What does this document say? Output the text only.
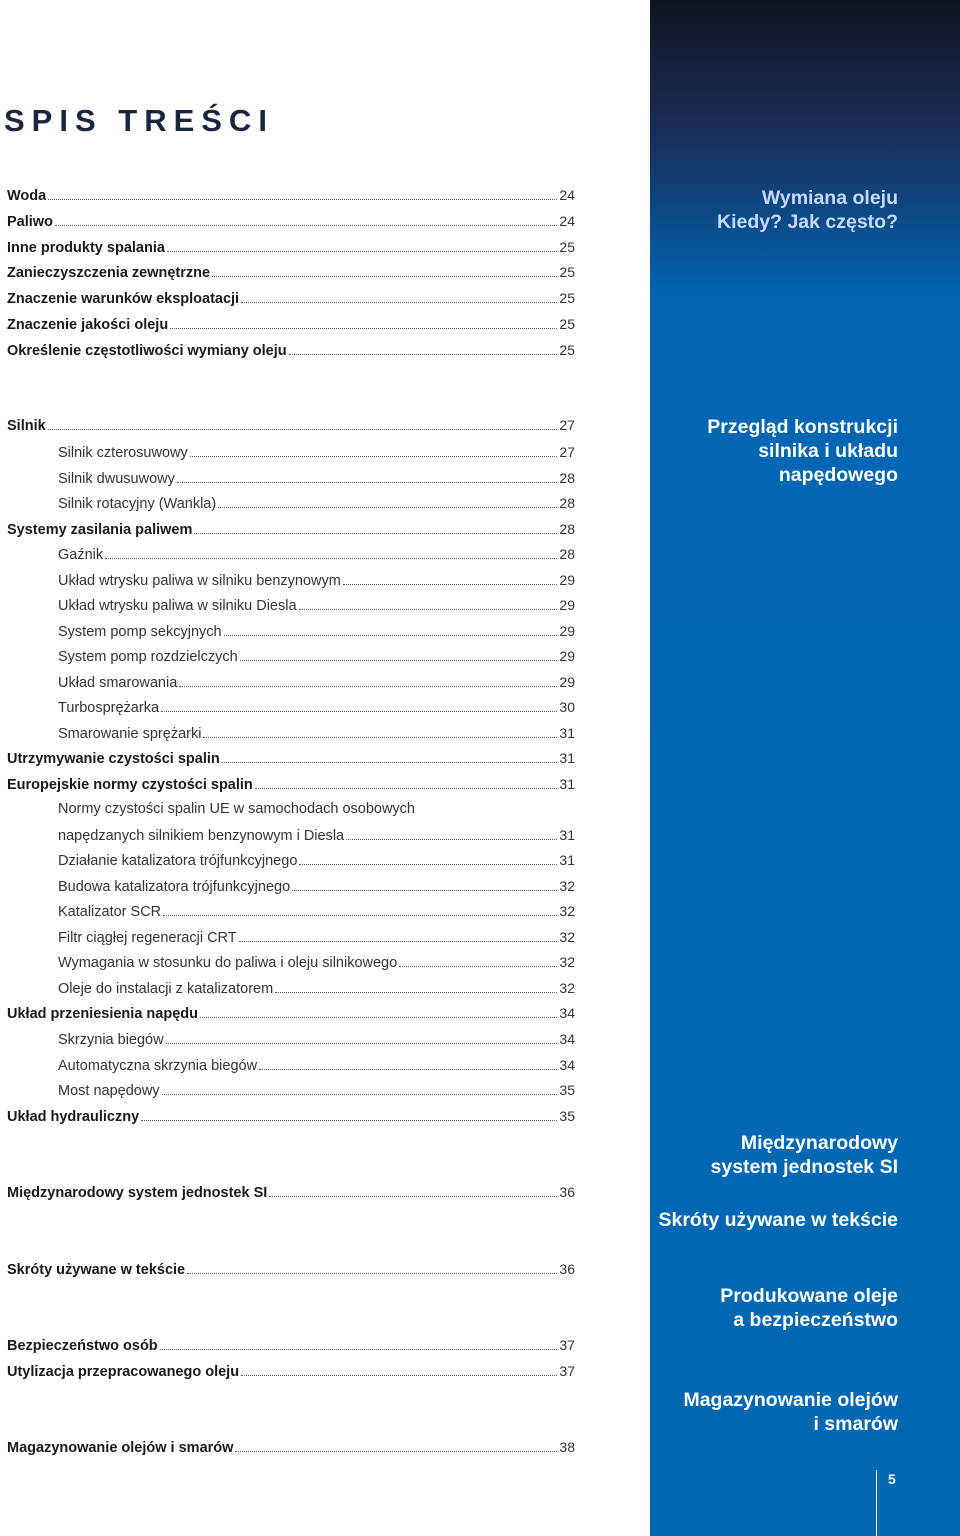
SPIS TREŚCI
Woda	24
Paliwo	24
Inne produkty spalania	25
Zanieczyszczenia zewnętrzne	25
Znaczenie warunków eksploatacji	25
Znaczenie jakości oleju	25
Określenie częstotliwości wymiany oleju	25
Silnik	27
Silnik czterosuwowy	27
Silnik dwusuwowy	28
Silnik rotacyjny (Wankla)	28
Systemy zasilania paliwem	28
Gaźnik	28
Układ wtrysku paliwa w silniku benzynowym	29
Układ wtrysku paliwa w silniku Diesla	29
System pomp sekcyjnych	29
System pomp rozdzielczych	29
Układ smarowania	29
Turbosprężarka	30
Smarowanie sprężarki	31
Utrzymywanie czystości spalin	31
Europejskie normy czystości spalin	31
Normy czystości spalin UE w samochodach osobowych
napędzanych silnikiem benzynowym i Diesla	31
Działanie katalizatora trójfunkcyjnego	31
Budowa katalizatora trójfunkcyjnego	32
Katalizator SCR	32
Filtr ciągłej regeneracji CRT	32
Wymagania w stosunku do paliwa i oleju silnikowego	32
Oleje do instalacji z katalizatorem	32
Układ przeniesienia napędu	34
Skrzynia biegów	34
Automatyczna skrzynia biegów	34
Most napędowy	35
Układ hydrauliczny	35
Międzynarodowy system jednostek SI	36
Skróty używane w tekście	36
Bezpieczeństwo osób	37
Utylizacja przepracowanego oleju	37
Magazynowanie olejów i smarów	38
Wymiana oleju
Kiedy? Jak często?
Przegląd konstrukcji
silnika i układu
napędowego
Międzynarodowy
system jednostek SI
Skróty używane w tekście
Produkowane oleje
a bezpieczeństwo
Magazynowanie olejów
i smarów
5
